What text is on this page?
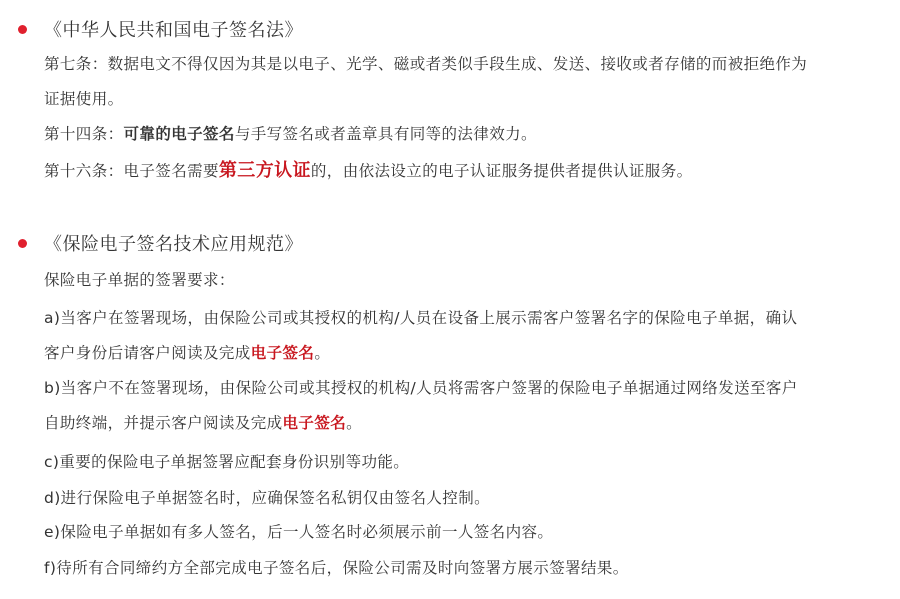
《中华人民共和国电子签名法》
第七条：数据电文不得仅因为其是以电子、光学、磁或者类似手段生成、发送、接收或者存储的而被拒绝作为
证据使用。
第十四条：可靠的电子签名与手写签名或者盖章具有同等的法律效力。
第十六条：电子签名需要第三方认证的，由依法设立的电子认证服务提供者提供认证服务。
《保险电子签名技术应用规范》
保险电子单据的签署要求：
a)当客户在签署现场，由保险公司或其授权的机构/人员在设备上展示需客户签署名字的保险电子单据，确认
客户身份后请客户阅读及完成电子签名。
b)当客户不在签署现场，由保险公司或其授权的机构/人员将需客户签署的保险电子单据通过网络发送至客户
自助终端，并提示客户阅读及完成电子签名。
c)重要的保险电子单据签署应配套身份识别等功能。
d)进行保险电子单据签名时，应确保签名私钥仅由签名人控制。
e)保险电子单据如有多人签名，后一人签名时必须展示前一人签名内容。
f)待所有合同缔约方全部完成电子签名后，保险公司需及时向签署方展示签署结果。
